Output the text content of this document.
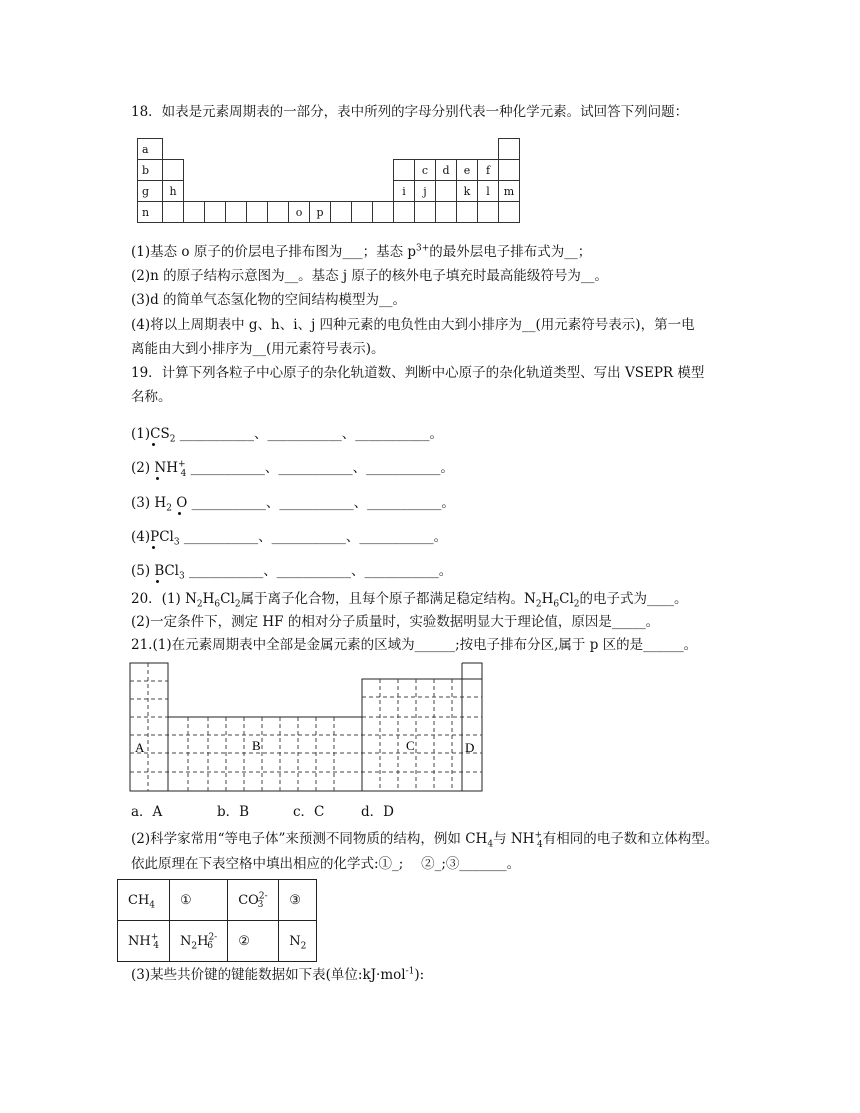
18．如表是元素周期表的一部分，表中所列的字母分别代表一种化学元素。试回答下列问题：
a																	
b													c	d	e	f	
g	h											i	j		k	l	m
n							o	p									
(1)基态 o 原子的价层电子排布图为___；基态 $p^{3+}$的最外层电子排布式为__；
(2)n 的原子结构示意图为__。基态 j 原子的核外电子填充时最高能级符号为__。
(3)d 的简单气态氢化物的空间结构模型为__。
(4)将以上周期表中 g、h、i、j 四种元素的电负性由大到小排序为__(用元素符号表示)，第一电
离能由大到小排序为__(用元素符号表示)。
19．计算下列各粒子中心原子的杂化轨道数、判断中心原子的杂化轨道类型、写出 VSEPR 模型
名称。
$(1)CS_2$ ___________、___________、___________。
(2) $NH^+_4$ ___________、___________、___________。
(3) $H_2$ O ___________、___________、___________。
(4)PCl$_3$ ___________、___________、___________。
(5) BCl$_3$ ___________、___________、___________。
20．(1) $N_2H_6Cl_2$属于离子化合物，且每个原子都满足稳定结构。$N_2H_6Cl_2$的电子式为____。
(2)一定条件下，测定 HF 的相对分子质量时，实验数据明显大于理论值，原因是_____。
21.(1)在元素周期表中全部是金属元素的区域为______;按电子排布分区,属于 p 区的是______。
A	B	C	D
a．A	b．B	c．C	d．D
(2)科学家常用“等电子体”来预测不同物质的结构，例如 $CH_4$与 $NH^+_4$有相同的电子数和立体构型。
依此原理在下表空格中填出相应的化学式:①_;　 ②_;③_______。
$CH_4$	①	$CO^{2-}_3$	③
$NH^+_4$	$N_2H^{2-}_6$	②	$N_2$
(3)某些共价键的键能数据如下表(单位:kJ·mol$^{-1}$):
